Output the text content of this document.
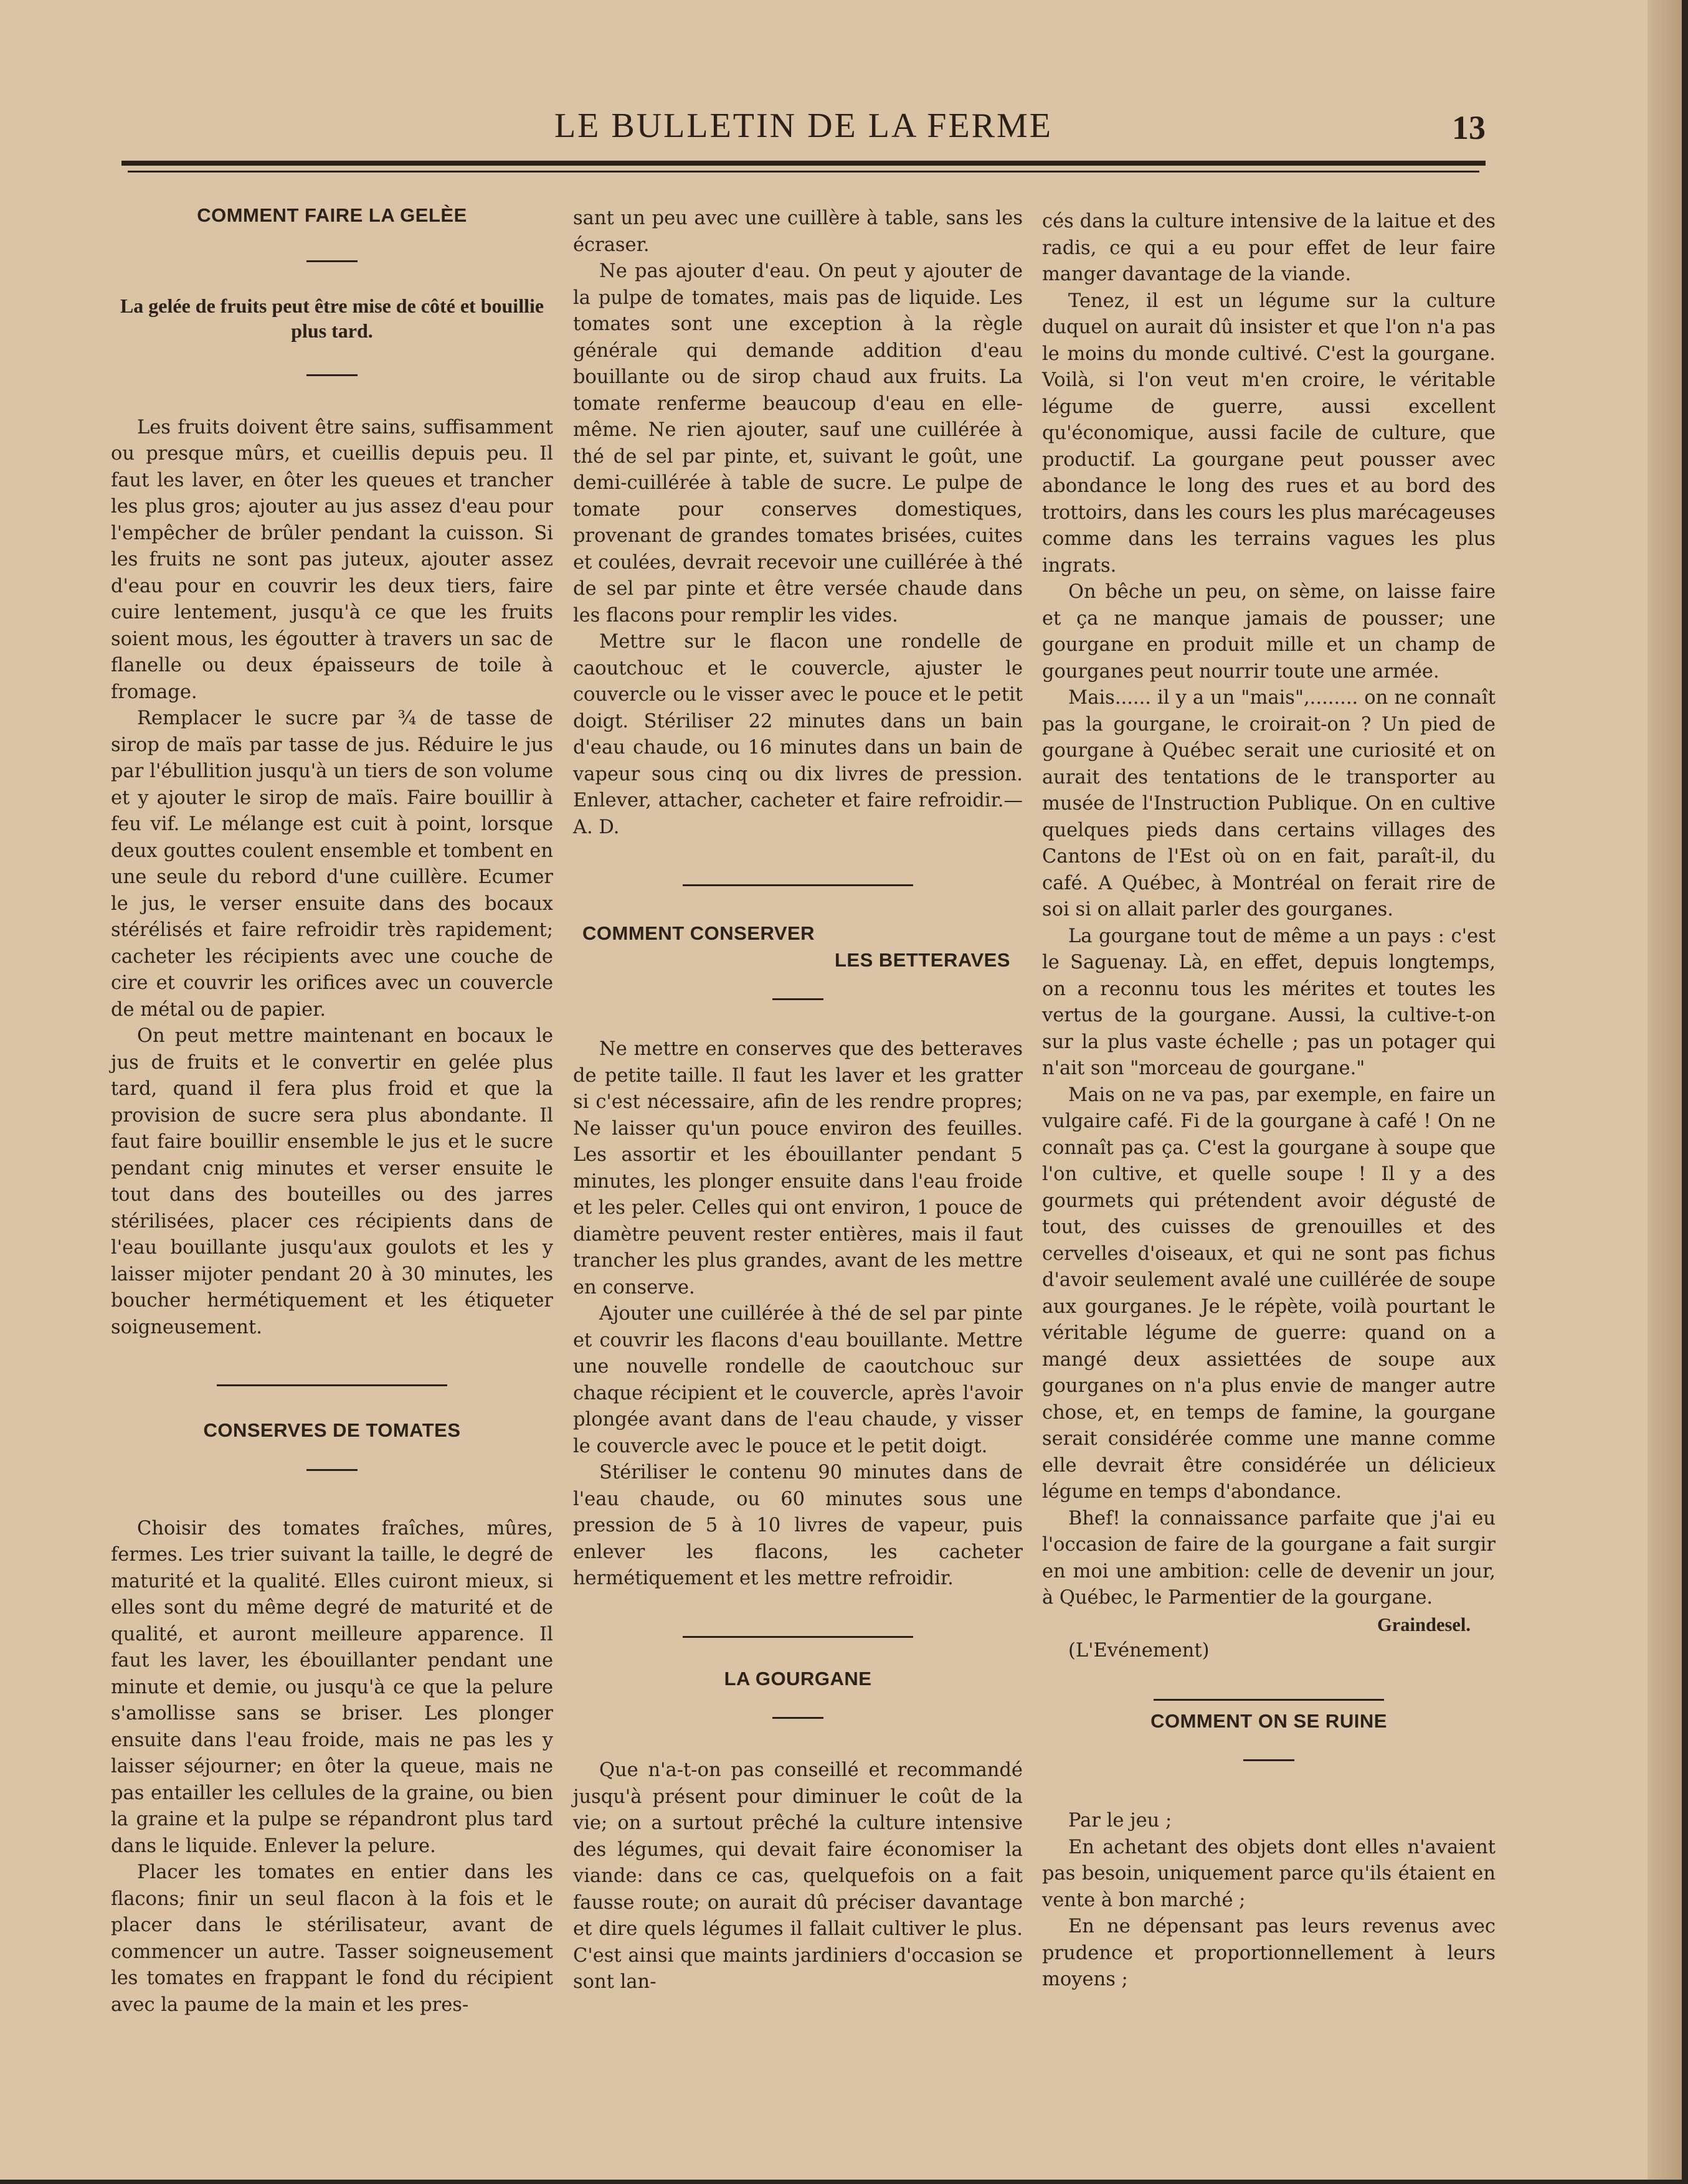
LE BULLETIN DE LA FERME	13
COMMENT FAIRE LA GELÈE
La gelée de fruits peut être mise de côté et bouillie plus tard.

Les fruits doivent être sains, suffisamment ou presque mûrs, et cueillis depuis peu. Il faut les laver, en ôter les queues et trancher les plus gros; ajouter au jus assez d'eau pour l'empêcher de brûler pendant la cuisson. Si les fruits ne sont pas juteux, ajouter assez d'eau pour en couvrir les deux tiers, faire cuire lentement, jusqu'à ce que les fruits soient mous, les égoutter à travers un sac de flanelle ou deux épaisseurs de toile à fromage.

Remplacer le sucre par ¾ de tasse de sirop de maïs par tasse de jus. Réduire le jus par l'ébullition jusqu'à un tiers de son volume et y ajouter le sirop de maïs. Faire bouillir à feu vif. Le mélange est cuit à point, lorsque deux gouttes coulent ensemble et tombent en une seule du rebord d'une cuillère. Ecumer le jus, le verser ensuite dans des bocaux stérélisés et faire refroidir très rapidement; cacheter les récipients avec une couche de cire et couvrir les orifices avec un couvercle de métal ou de papier.

On peut mettre maintenant en bocaux le jus de fruits et le convertir en gelée plus tard, quand il fera plus froid et que la provision de sucre sera plus abondante. Il faut faire bouillir ensemble le jus et le sucre pendant cnig minutes et verser ensuite le tout dans des bouteilles ou des jarres stérilisées, placer ces récipients dans de l'eau bouillante jusqu'aux goulots et les y laisser mijoter pendant 20 à 30 minutes, les boucher hermétiquement et les étiqueter soigneusement.

CONSERVES DE TOMATES

Choisir des tomates fraîches, mûres, fermes. Les trier suivant la taille, le degré de maturité et la qualité. Elles cuiront mieux, si elles sont du même degré de maturité et de qualité, et auront meilleure apparence. Il faut les laver, les ébouillanter pendant une minute et demie, ou jusqu'à ce que la pelure s'amollisse sans se briser. Les plonger ensuite dans l'eau froide, mais ne pas les y laisser séjourner; en ôter la queue, mais ne pas entailler les cellules de la graine, ou bien la graine et la pulpe se répandront plus tard dans le liquide. Enlever la pelure.

Placer les tomates en entier dans les flacons; finir un seul flacon à la fois et le placer dans le stérilisateur, avant de commencer un autre. Tasser soigneusement les tomates en frappant le fond du récipient avec la paume de la main et les pres-

sant un peu avec une cuillère à table, sans les écraser.

Ne pas ajouter d'eau. On peut y ajouter de la pulpe de tomates, mais pas de liquide. Les tomates sont une exception à la règle générale qui demande addition d'eau bouillante ou de sirop chaud aux fruits. La tomate renferme beaucoup d'eau en elle-même. Ne rien ajouter, sauf une cuillérée à thé de sel par pinte, et, suivant le goût, une demi-cuillérée à table de sucre. Le pulpe de tomate pour conserves domestiques, provenant de grandes tomates brisées, cuites et coulées, devrait recevoir une cuillérée à thé de sel par pinte et être versée chaude dans les flacons pour remplir les vides.

Mettre sur le flacon une rondelle de caoutchouc et le couvercle, ajuster le couvercle ou le visser avec le pouce et le petit doigt. Stériliser 22 minutes dans un bain d'eau chaude, ou 16 minutes dans un bain de vapeur sous cinq ou dix livres de pression. Enlever, attacher, cacheter et faire refroidir.—A. D.

COMMENT CONSERVER
LES BETTERAVES

Ne mettre en conserves que des betteraves de petite taille. Il faut les laver et les gratter si c'est nécessaire, afin de les rendre propres; Ne laisser qu'un pouce environ des feuilles. Les assortir et les ébouillanter pendant 5 minutes, les plonger ensuite dans l'eau froide et les peler. Celles qui ont environ, 1 pouce de diamètre peuvent rester entières, mais il faut trancher les plus grandes, avant de les mettre en conserve.

Ajouter une cuillérée à thé de sel par pinte et couvrir les flacons d'eau bouillante. Mettre une nouvelle rondelle de caoutchouc sur chaque récipient et le couvercle, après l'avoir plongée avant dans de l'eau chaude, y visser le couvercle avec le pouce et le petit doigt.

Stériliser le contenu 90 minutes dans de l'eau chaude, ou 60 minutes sous une pression de 5 à 10 livres de vapeur, puis enlever les flacons, les cacheter hermétiquement et les mettre refroidir.

LA GOURGANE

Que n'a-t-on pas conseillé et recommandé jusqu'à présent pour diminuer le coût de la vie; on a surtout prêché la culture intensive des légumes, qui devait faire économiser la viande: dans ce cas, quelquefois on a fait fausse route; on aurait dû préciser davantage et dire quels légumes il fallait cultiver le plus. C'est ainsi que maints jardiniers d'occasion se sont lan-

cés dans la culture intensive de la laitue et des radis, ce qui a eu pour effet de leur faire manger davantage de la viande.

Tenez, il est un légume sur la culture duquel on aurait dû insister et que l'on n'a pas le moins du monde cultivé. C'est la gourgane. Voilà, si l'on veut m'en croire, le véritable légume de guerre, aussi excellent qu'économique, aussi facile de culture, que productif. La gourgane peut pousser avec abondance le long des rues et au bord des trottoirs, dans les cours les plus marécageuses comme dans les terrains vagues les plus ingrats.

On bêche un peu, on sème, on laisse faire et ça ne manque jamais de pousser; une gourgane en produit mille et un champ de gourganes peut nourrir toute une armée.

Mais...... il y a un "mais",........ on ne connaît pas la gourgane, le croirait-on ? Un pied de gourgane à Québec serait une curiosité et on aurait des tentations de le transporter au musée de l'Instruction Publique. On en cultive quelques pieds dans certains villages des Cantons de l'Est où on en fait, paraît-il, du café. A Québec, à Montréal on ferait rire de soi si on allait parler des gourganes.

La gourgane tout de même a un pays : c'est le Saguenay. Là, en effet, depuis longtemps, on a reconnu tous les mérites et toutes les vertus de la gourgane. Aussi, la cultive-t-on sur la plus vaste échelle ; pas un potager qui n'ait son "morceau de gourgane."

Mais on ne va pas, par exemple, en faire un vulgaire café. Fi de la gourgane à café ! On ne connaît pas ça. C'est la gourgane à soupe que l'on cultive, et quelle soupe ! Il y a des gourmets qui prétendent avoir dégusté de tout, des cuisses de grenouilles et des cervelles d'oiseaux, et qui ne sont pas fichus d'avoir seulement avalé une cuillérée de soupe aux gourganes. Je le répète, voilà pourtant le véritable légume de guerre: quand on a mangé deux assiettées de soupe aux gourganes on n'a plus envie de manger autre chose, et, en temps de famine, la gourgane serait considérée comme une manne comme elle devrait être considérée un délicieux légume en temps d'abondance.

Bhef! la connaissance parfaite que j'ai eu l'occasion de faire de la gourgane a fait surgir en moi une ambition: celle de devenir un jour, à Québec, le Parmentier de la gourgane.

Graindesel.

(L'Evénement)

COMMENT ON SE RUINE

Par le jeu ;

En achetant des objets dont elles n'avaient pas besoin, uniquement parce qu'ils étaient en vente à bon marché ;

En ne dépensant pas leurs revenus avec prudence et proportionnellement à leurs moyens ;
